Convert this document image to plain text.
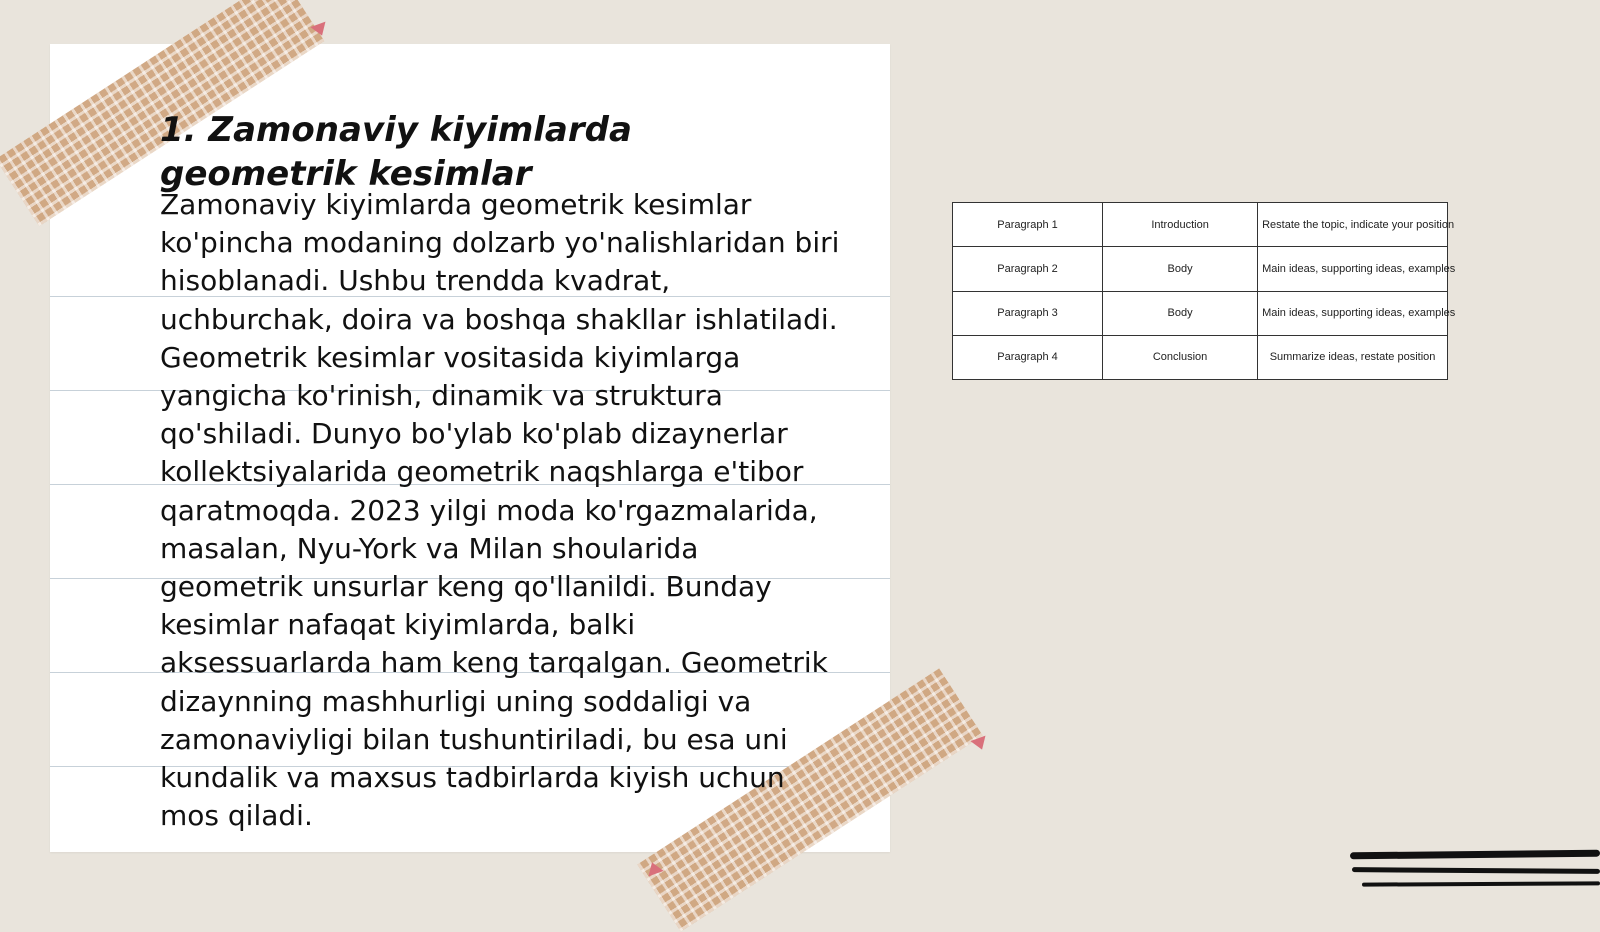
1. Zamonaviy kiyimlarda geometrik kesimlar

Zamonaviy kiyimlarda geometrik kesimlar ko'pincha modaning dolzarb yo'nalishlaridan biri hisoblanadi. Ushbu trendda kvadrat, uchburchak, doira va boshqa shakllar ishlatiladi. Geometrik kesimlar vositasida kiyimlarga yangicha ko'rinish, dinamik va struktura qo'shiladi. Dunyo bo'ylab ko'plab dizaynerlar kollektsiyalarida geometrik naqshlarga e'tibor qaratmoqda. 2023 yilgi moda ko'rgazmalarida, masalan, Nyu-York va Milan shoularida geometrik unsurlar keng qo'llanildi. Bunday kesimlar nafaqat kiyimlarda, balki aksessuarlarda ham keng tarqalgan. Geometrik dizaynning mashhurligi uning soddaligi va zamonaviyligi bilan tushuntiriladi, bu esa uni kundalik va maxsus tadbirlarda kiyish uchun mos qiladi.

Paragraph 1	Introduction	Restate the topic, indicate your position
Paragraph 2	Body	Main ideas, supporting ideas, examples
Paragraph 3	Body	Main ideas, supporting ideas, examples
Paragraph 4	Conclusion	Summarize ideas, restate position
